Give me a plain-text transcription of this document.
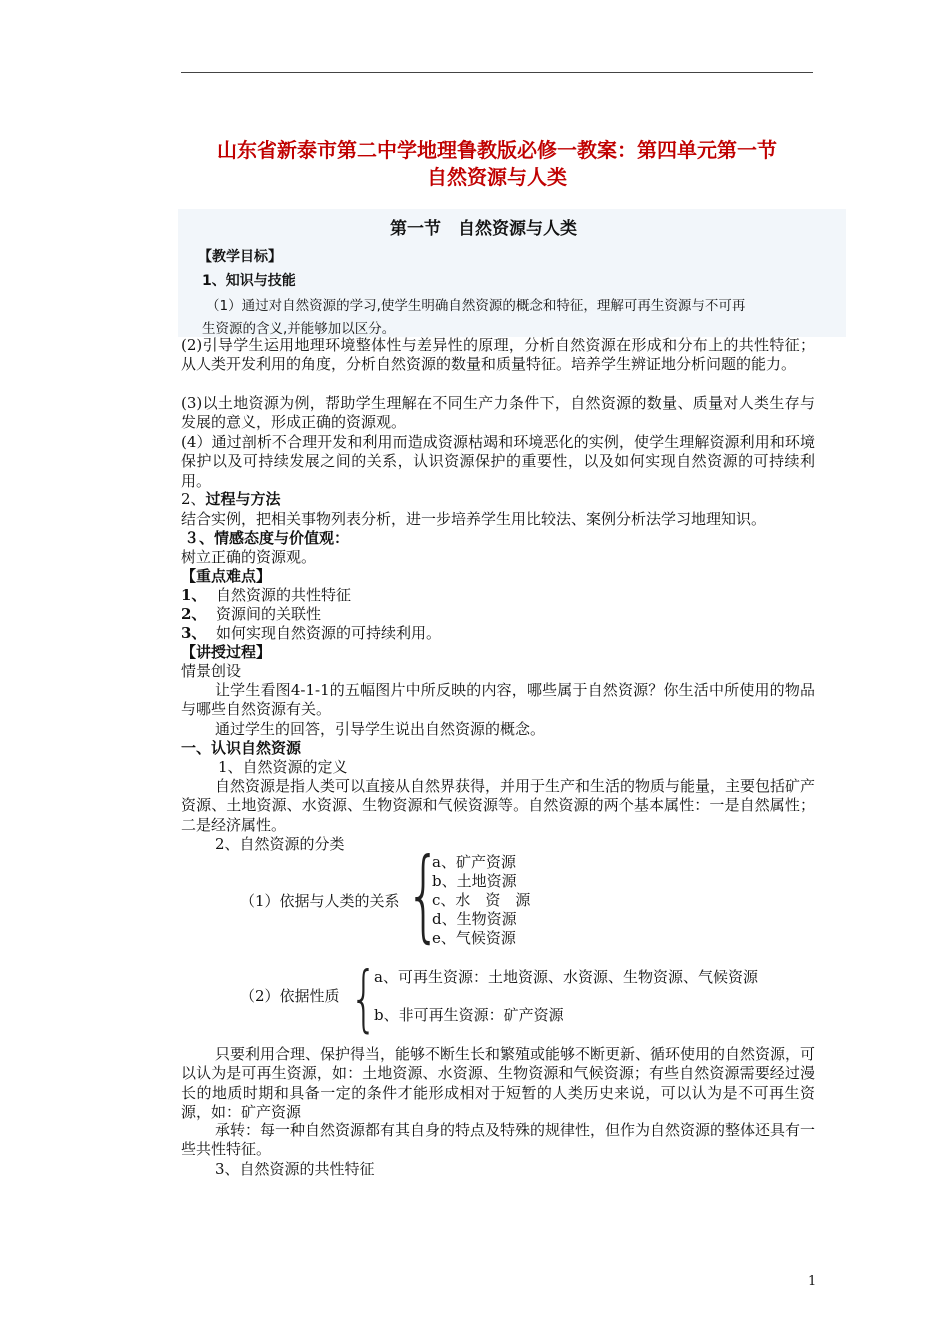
山东省新泰市第二中学地理鲁教版必修一教案：第四单元第一节
自然资源与人类
第一节　自然资源与人类
【教学目标】
1、知识与技能
（1）通过对自然资源的学习,使学生明确自然资源的概念和特征，理解可再生资源与不可再
生资源的含义,并能够加以区分。
(2)引导学生运用地理环境整体性与差异性的原理，分析自然资源在形成和分布上的共性特征；从人类开发利用的角度，分析自然资源的数量和质量特征。培养学生辨证地分析问题的能力。
(3)以土地资源为例，帮助学生理解在不同生产力条件下，自然资源的数量、质量对人类生存与发展的意义，形成正确的资源观。
(4）通过剖析不合理开发和利用而造成资源枯竭和环境恶化的实例，使学生理解资源利用和环境保护以及可持续发展之间的关系，认识资源保护的重要性，以及如何实现自然资源的可持续利用。
2、过程与方法
结合实例，把相关事物列表分析，进一步培养学生用比较法、案例分析法学习地理知识。
３、情感态度与价值观：
树立正确的资源观。
【重点难点】
1、 自然资源的共性特征
2、 资源间的关联性
3、 如何实现自然资源的可持续利用。
【讲授过程】
情景创设
让学生看图4-1-1的五幅图片中所反映的内容，哪些属于自然资源？你生活中所使用的物品与哪些自然资源有关。
通过学生的回答，引导学生说出自然资源的概念。
一、认识自然资源
1、自然资源的定义
自然资源是指人类可以直接从自然界获得，并用于生产和生活的物质与能量，主要包括矿产资源、土地资源、水资源、生物资源和气候资源等。自然资源的两个基本属性：一是自然属性；二是经济属性。
2、自然资源的分类
（1）依据与人类的关系 {
a、矿产资源
b、土地资源
c、水　资　源
d、生物资源
e、气候资源
（2）依据性质 {
a、可再生资源：土地资源、水资源、生物资源、气候资源
b、非可再生资源：矿产资源
只要利用合理、保护得当，能够不断生长和繁殖或能够不断更新、循环使用的自然资源，可以认为是可再生资源，如：土地资源、水资源、生物资源和气候资源；有些自然资源需要经过漫长的地质时期和具备一定的条件才能形成相对于短暂的人类历史来说，可以认为是不可再生资源，如：矿产资源
承转：每一种自然资源都有其自身的特点及特殊的规律性，但作为自然资源的整体还具有一些共性特征。
3、自然资源的共性特征
1
